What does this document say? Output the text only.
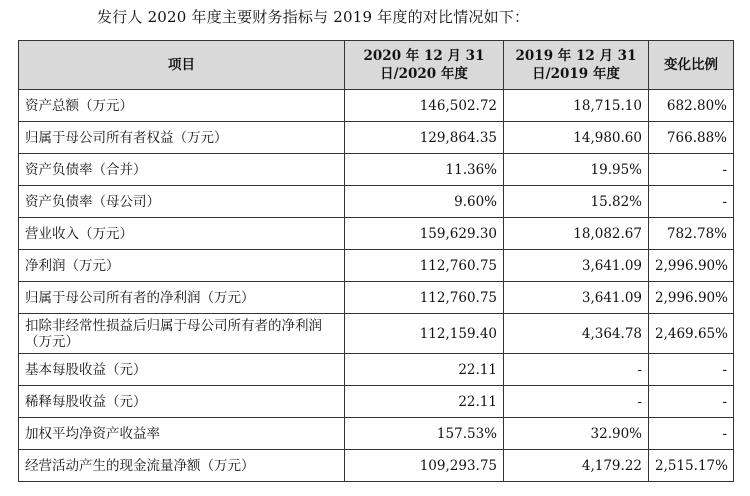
发行人 2020 年度主要财务指标与 2019 年度的对比情况如下：
项目	2020 年 12 月 31 日/2020 年度	2019 年 12 月 31 日/2019 年度	变化比例
资产总额（万元）	146,502.72	18,715.10	682.80%
归属于母公司所有者权益（万元）	129,864.35	14,980.60	766.88%
资产负债率（合并）	11.36%	19.95%	-
资产负债率（母公司）	9.60%	15.82%	-
营业收入（万元）	159,629.30	18,082.67	782.78%
净利润（万元）	112,760.75	3,641.09	2,996.90%
归属于母公司所有者的净利润（万元）	112,760.75	3,641.09	2,996.90%
扣除非经常性损益后归属于母公司所有者的净利润（万元）	112,159.40	4,364.78	2,469.65%
基本每股收益（元）	22.11	-	-
稀释每股收益（元）	22.11	-	-
加权平均净资产收益率	157.53%	32.90%	-
经营活动产生的现金流量净额（万元）	109,293.75	4,179.22	2,515.17%
